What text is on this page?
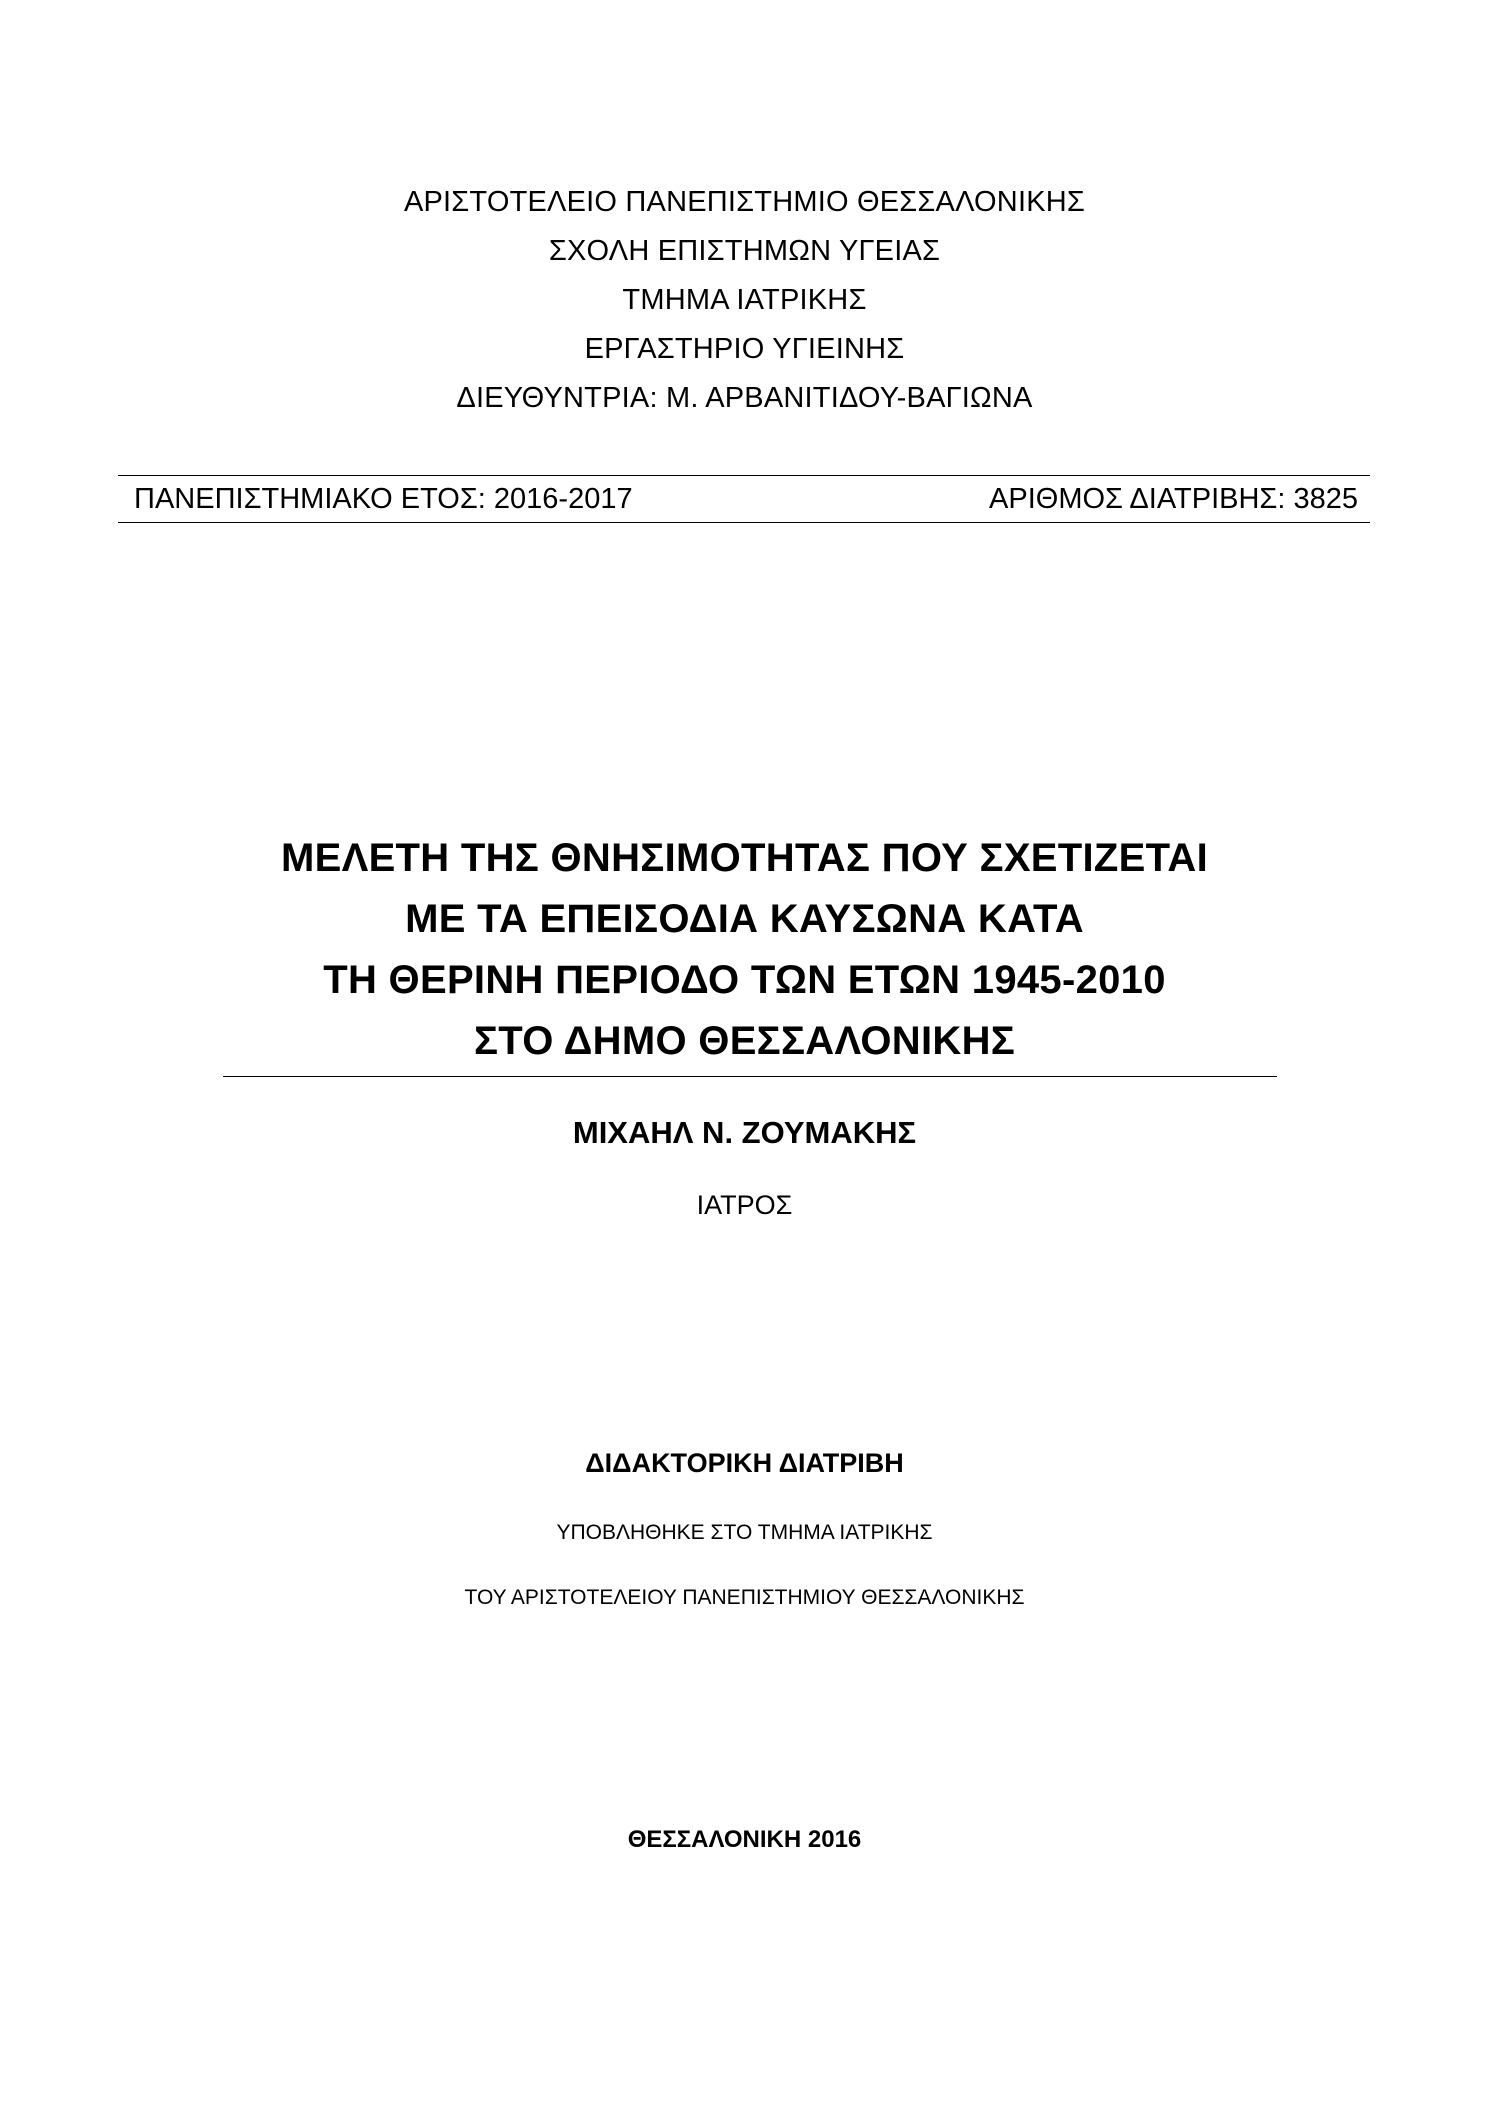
ΑΡΙΣΤΟΤΕΛΕΙΟ ΠΑΝΕΠΙΣΤΗΜΙΟ ΘΕΣΣΑΛΟΝΙΚΗΣ
ΣΧΟΛΗ ΕΠΙΣΤΗΜΩΝ ΥΓΕΙΑΣ
ΤΜΗΜΑ ΙΑΤΡΙΚΗΣ
ΕΡΓΑΣΤΗΡΙΟ ΥΓΙΕΙΝΗΣ
ΔΙΕΥΘΥΝΤΡΙΑ: Μ. ΑΡΒΑΝΙΤΙΔΟΥ-ΒΑΓΙΩΝΑ
ΠΑΝΕΠΙΣΤΗΜΙΑΚΟ ΕΤΟΣ: 2016-2017	ΑΡΙΘΜΟΣ ΔΙΑΤΡΙΒΗΣ: 3825
ΜΕΛΕΤΗ ΤΗΣ ΘΝΗΣΙΜΟΤΗΤΑΣ ΠΟΥ ΣΧΕΤΙΖΕΤΑΙ
ΜΕ ΤΑ ΕΠΕΙΣΟΔΙΑ ΚΑΥΣΩΝΑ ΚΑΤΑ
ΤΗ ΘΕΡΙΝΗ ΠΕΡΙΟΔΟ ΤΩΝ ΕΤΩΝ 1945-2010
ΣΤΟ ΔΗΜΟ ΘΕΣΣΑΛΟΝΙΚΗΣ
ΜΙΧΑΗΛ Ν. ΖΟΥΜΑΚΗΣ
ΙΑΤΡΟΣ
ΔΙΔΑΚΤΟΡΙΚΗ ΔΙΑΤΡΙΒΗ
ΥΠΟΒΛΗΘΗΚΕ ΣΤΟ ΤΜΗΜΑ ΙΑΤΡΙΚΗΣ
ΤΟΥ ΑΡΙΣΤΟΤΕΛΕΙΟΥ ΠΑΝΕΠΙΣΤΗΜΙΟΥ ΘΕΣΣΑΛΟΝΙΚΗΣ
ΘΕΣΣΑΛΟΝΙΚΗ 2016
